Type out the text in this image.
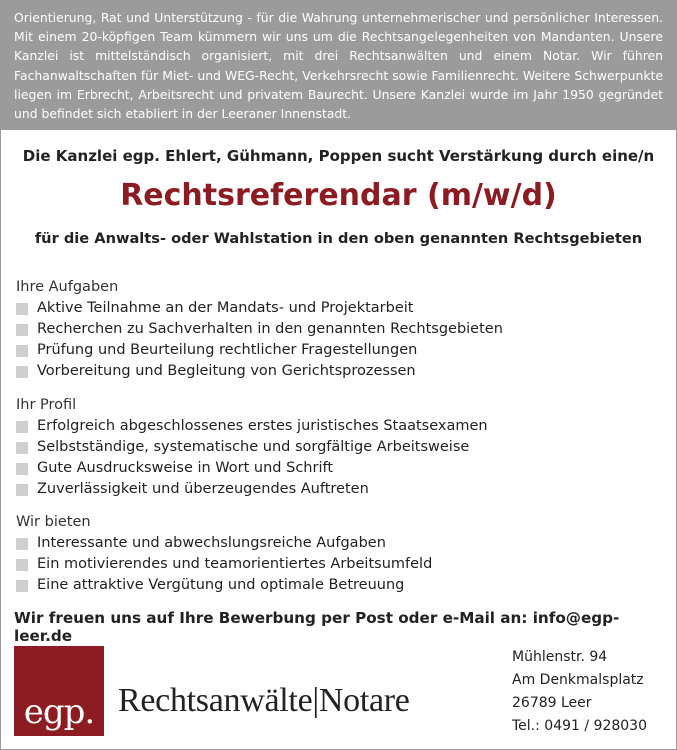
Orientierung, Rat und Unterstützung - für die Wahrung unternehmerischer und persönlicher Interessen. Mit einem 20-köpfigen Team kümmern wir uns um die Rechtsangelegenheiten von Mandanten. Unsere Kanzlei ist mittelständisch organisiert, mit drei Rechtsanwälten und einem Notar. Wir führen Fachanwaltschaften für Miet- und WEG-Recht, Verkehrsrecht sowie Familienrecht. Weitere Schwerpunkte liegen im Erbrecht, Arbeitsrecht und privatem Baurecht. Unsere Kanzlei wurde im Jahr 1950 gegründet und befindet sich etabliert in der Leeraner Innenstadt.
Die Kanzlei egp. Ehlert, Gühmann, Poppen sucht Verstärkung durch eine/n
Rechtsreferendar (m/w/d)
für die Anwalts- oder Wahlstation in den oben genannten Rechtsgebieten
Ihre Aufgaben
Aktive Teilnahme an der Mandats- und Projektarbeit
Recherchen zu Sachverhalten in den genannten Rechtsgebieten
Prüfung und Beurteilung rechtlicher Fragestellungen
Vorbereitung und Begleitung von Gerichtsprozessen
Ihr Profil
Erfolgreich abgeschlossenes erstes juristisches Staatsexamen
Selbstständige, systematische und sorgfältige Arbeitsweise
Gute Ausdrucksweise in Wort und Schrift
Zuverlässigkeit und überzeugendes Auftreten
Wir bieten
Interessante und abwechslungsreiche Aufgaben
Ein motivierendes und teamorientiertes Arbeitsumfeld
Eine attraktive Vergütung und optimale Betreuung
Wir freuen uns auf Ihre Bewerbung per Post oder e-Mail an: info@egp-leer.de
egp. Rechtsanwälte|Notare
Mühlenstr. 94
Am Denkmalsplatz
26789 Leer
Tel.: 0491 / 928030
